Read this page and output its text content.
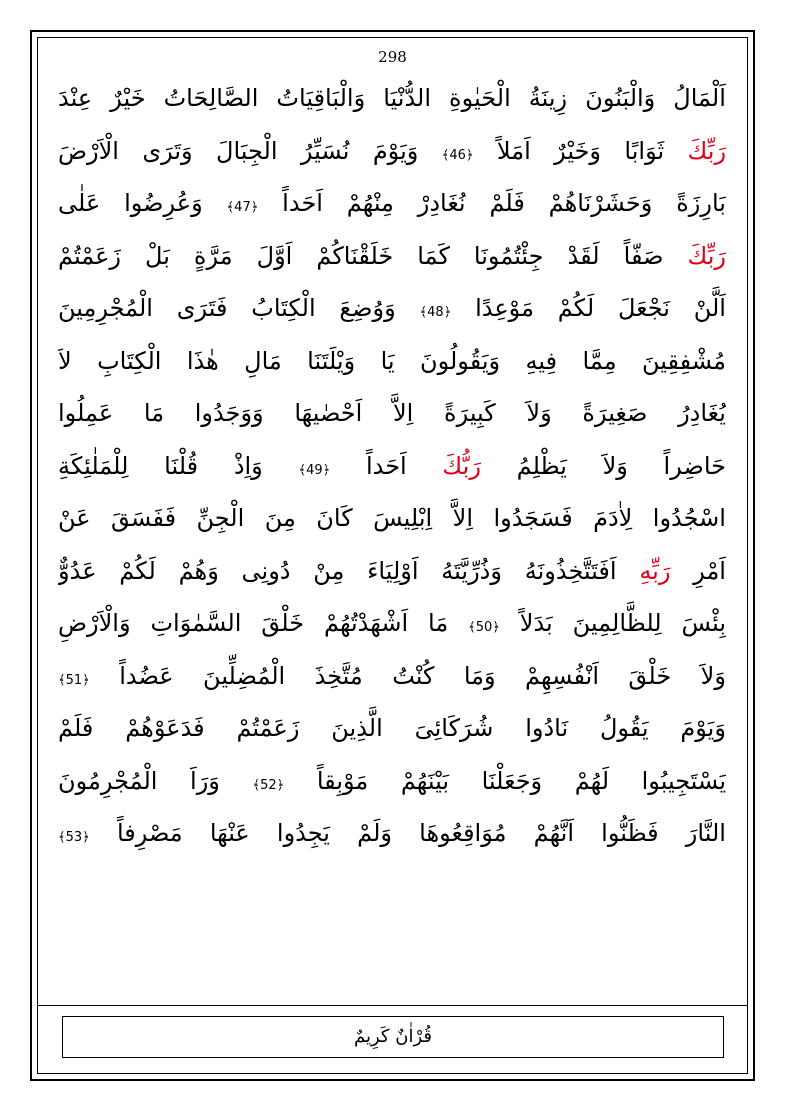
298
اَلْمَالُ وَالْبَنُونَ زِينَةُ الْحَيٰوةِ الدُّنْيَا وَالْبَاقِيَاتُ الصَّالِحَاتُ خَيْرٌ عِنْدَ
رَبِّكَ ثَوَابًا وَخَيْرٌ اَمَلاً ﴿46﴾ وَيَوْمَ نُسَيِّرُ الْجِبَالَ وَتَرَى الْاَرْضَ
بَارِزَةً وَحَشَرْنَاهُمْ فَلَمْ نُغَادِرْ مِنْهُمْ اَحَداً ﴿47﴾ وَعُرِضُوا عَلٰى
رَبِّكَ صَفّاً لَقَدْ جِئْتُمُونَا كَمَا خَلَقْنَاكُمْ اَوَّلَ مَرَّةٍ بَلْ زَعَمْتُمْ
اَلَّنْ نَجْعَلَ لَكُمْ مَوْعِدًا ﴿48﴾ وَوُضِعَ الْكِتَابُ فَتَرَى الْمُجْرِمِينَ
مُشْفِقِينَ مِمَّا فِيهِ وَيَقُولُونَ يَا وَيْلَتَنَا مَالِ هٰذَا الْكِتَابِ لاَ
يُغَادِرُ صَغِيرَةً وَلاَ كَبِيرَةً اِلاَّ اَحْصٰيهَا وَوَجَدُوا مَا عَمِلُوا
حَاضِراً وَلاَ يَظْلِمُ رَبُّكَ اَحَداً ﴿49﴾ وَاِذْ قُلْنَا لِلْمَلٰئِكَةِ
اسْجُدُوا لِاٰدَمَ فَسَجَدُوا اِلاَّ اِبْلِيسَ كَانَ مِنَ الْجِنِّ فَفَسَقَ عَنْ
اَمْرِ رَبِّهِ اَفَتَتَّخِذُونَهُ وَذُرِّيَّتَهُ اَوْلِيَاءَ مِنْ دُونِى وَهُمْ لَكُمْ عَدُوٌّ
بِئْسَ لِلظَّالِمِينَ بَدَلاً ﴿50﴾ مَا اَشْهَدْتُهُمْ خَلْقَ السَّمٰوَاتِ وَالْاَرْضِ
وَلاَ خَلْقَ اَنْفُسِهِمْ وَمَا كُنْتُ مُتَّخِذَ الْمُضِلِّينَ عَضُداً ﴿51﴾
وَيَوْمَ يَقُولُ نَادُوا شُرَكَائِىَ الَّذِينَ زَعَمْتُمْ فَدَعَوْهُمْ فَلَمْ
يَسْتَجِيبُوا لَهُمْ وَجَعَلْنَا بَيْنَهُمْ مَوْبِقاً ﴿52﴾ وَرَاَ الْمُجْرِمُونَ
النَّارَ فَظَنُّوا اَنَّهُمْ مُوَاقِعُوهَا وَلَمْ يَجِدُوا عَنْهَا مَصْرِفاً ﴿53﴾
قُرْاٰنٌ كَرِيمٌ
